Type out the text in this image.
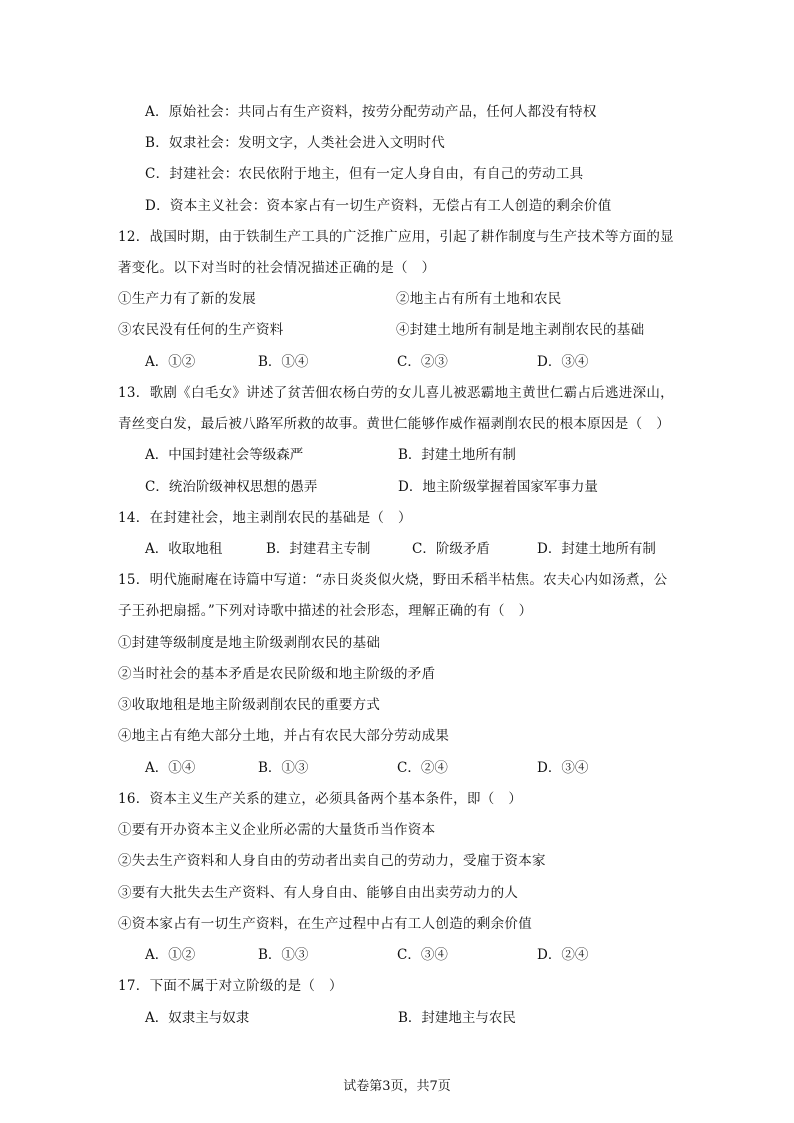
A．原始社会：共同占有生产资料，按劳分配劳动产品，任何人都没有特权
B．奴隶社会：发明文字，人类社会进入文明时代
C．封建社会：农民依附于地主，但有一定人身自由，有自己的劳动工具
D．资本主义社会：资本家占有一切生产资料，无偿占有工人创造的剩余价值
12．战国时期，由于铁制生产工具的广泛推广应用，引起了耕作制度与生产技术等方面的显
著变化。以下对当时的社会情况描述正确的是（　）
①生产力有了新的发展	②地主占有所有土地和农民
③农民没有任何的生产资料	④封建土地所有制是地主剥削农民的基础
A．①②	B．①④	C．②③	D．③④
13．歌剧《白毛女》讲述了贫苦佃农杨白劳的女儿喜儿被恶霸地主黄世仁霸占后逃进深山，
青丝变白发，最后被八路军所救的故事。黄世仁能够作威作福剥削农民的根本原因是（　）
A．中国封建社会等级森严	B．封建土地所有制
C．统治阶级神权思想的愚弄	D．地主阶级掌握着国家军事力量
14．在封建社会，地主剥削农民的基础是（　）
A．收取地租	B．封建君主专制	C．阶级矛盾	D．封建土地所有制
15．明代施耐庵在诗篇中写道：“赤日炎炎似火烧，野田禾稻半枯焦。农夫心内如汤煮，公
子王孙把扇摇。”下列对诗歌中描述的社会形态，理解正确的有（　）
①封建等级制度是地主阶级剥削农民的基础
②当时社会的基本矛盾是农民阶级和地主阶级的矛盾
③收取地租是地主阶级剥削农民的重要方式
④地主占有绝大部分土地，并占有农民大部分劳动成果
A．①④	B．①③	C．②④	D．③④
16．资本主义生产关系的建立，必须具备两个基本条件，即（　）
①要有开办资本主义企业所必需的大量货币当作资本
②失去生产资料和人身自由的劳动者出卖自己的劳动力，受雇于资本家
③要有大批失去生产资料、有人身自由、能够自由出卖劳动力的人
④资本家占有一切生产资料，在生产过程中占有工人创造的剩余价值
A．①②	B．①③	C．③④	D．②④
17．下面不属于对立阶级的是（　）
A．奴隶主与奴隶	B．封建地主与农民
试卷第3页，共7页
